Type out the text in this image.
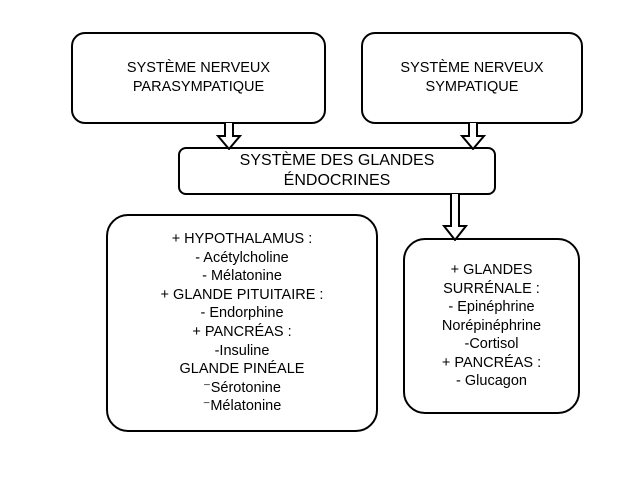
SYSTÈME NERVEUX
PARASYMPATIQUE
SYSTÈME NERVEUX
SYMPATIQUE
SYSTÈME DES GLANDES
ÉNDOCRINES
+ HYPOTHALAMUS :
- Acétylcholine
- Mélatonine
+ GLANDE PITUITAIRE :
- Endorphine
+ PANCRÉAS :
-Insuline
GLANDE PINÉALE
⁻Sérotonine
⁻Mélatonine
+ GLANDES
SURRÉNALE :
- Epinéphrine
Norépinéphrine
-Cortisol
+ PANCRÉAS :
- Glucagon
